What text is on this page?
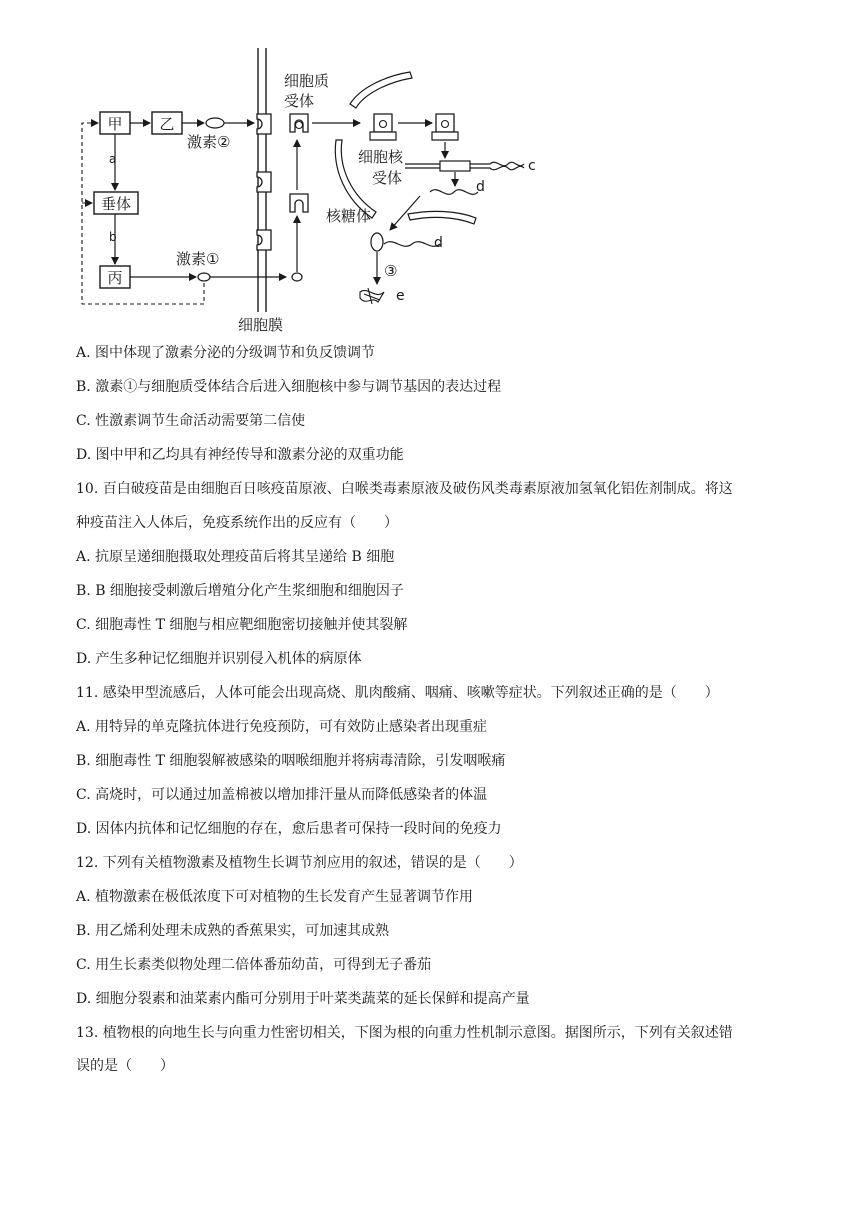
甲 乙
垂体
丙
a
b
激素②
激素①
细胞膜
细胞质
受体
细胞核
受体
c
d
核糖体
d
③
e
A. 图中体现了激素分泌的分级调节和负反馈调节
B. 激素①与细胞质受体结合后进入细胞核中参与调节基因的表达过程
C. 性激素调节生命活动需要第二信使
D. 图中甲和乙均具有神经传导和激素分泌的双重功能
10. 百白破疫苗是由细胞百日咳疫苗原液、白喉类毒素原液及破伤风类毒素原液加氢氧化铝佐剂制成。将这
种疫苗注入人体后，免疫系统作出的反应有（　　）
A. 抗原呈递细胞摄取处理疫苗后将其呈递给 B 细胞
B. B 细胞接受刺激后增殖分化产生浆细胞和细胞因子
C. 细胞毒性 T 细胞与相应靶细胞密切接触并使其裂解
D. 产生多种记忆细胞并识别侵入机体的病原体
11. 感染甲型流感后，人体可能会出现高烧、肌肉酸痛、咽痛、咳嗽等症状。下列叙述正确的是（　　）
A. 用特异的单克隆抗体进行免疫预防，可有效防止感染者出现重症
B. 细胞毒性 T 细胞裂解被感染的咽喉细胞并将病毒清除，引发咽喉痛
C. 高烧时，可以通过加盖棉被以增加排汗量从而降低感染者的体温
D. 因体内抗体和记忆细胞的存在，愈后患者可保持一段时间的免疫力
12. 下列有关植物激素及植物生长调节剂应用的叙述，错误的是（　　）
A. 植物激素在极低浓度下可对植物的生长发育产生显著调节作用
B. 用乙烯利处理未成熟的香蕉果实，可加速其成熟
C. 用生长素类似物处理二倍体番茄幼苗，可得到无子番茄
D. 细胞分裂素和油菜素内酯可分别用于叶菜类蔬菜的延长保鲜和提高产量
13. 植物根的向地生长与向重力性密切相关，下图为根的向重力性机制示意图。据图所示，下列有关叙述错
误的是（　　）
